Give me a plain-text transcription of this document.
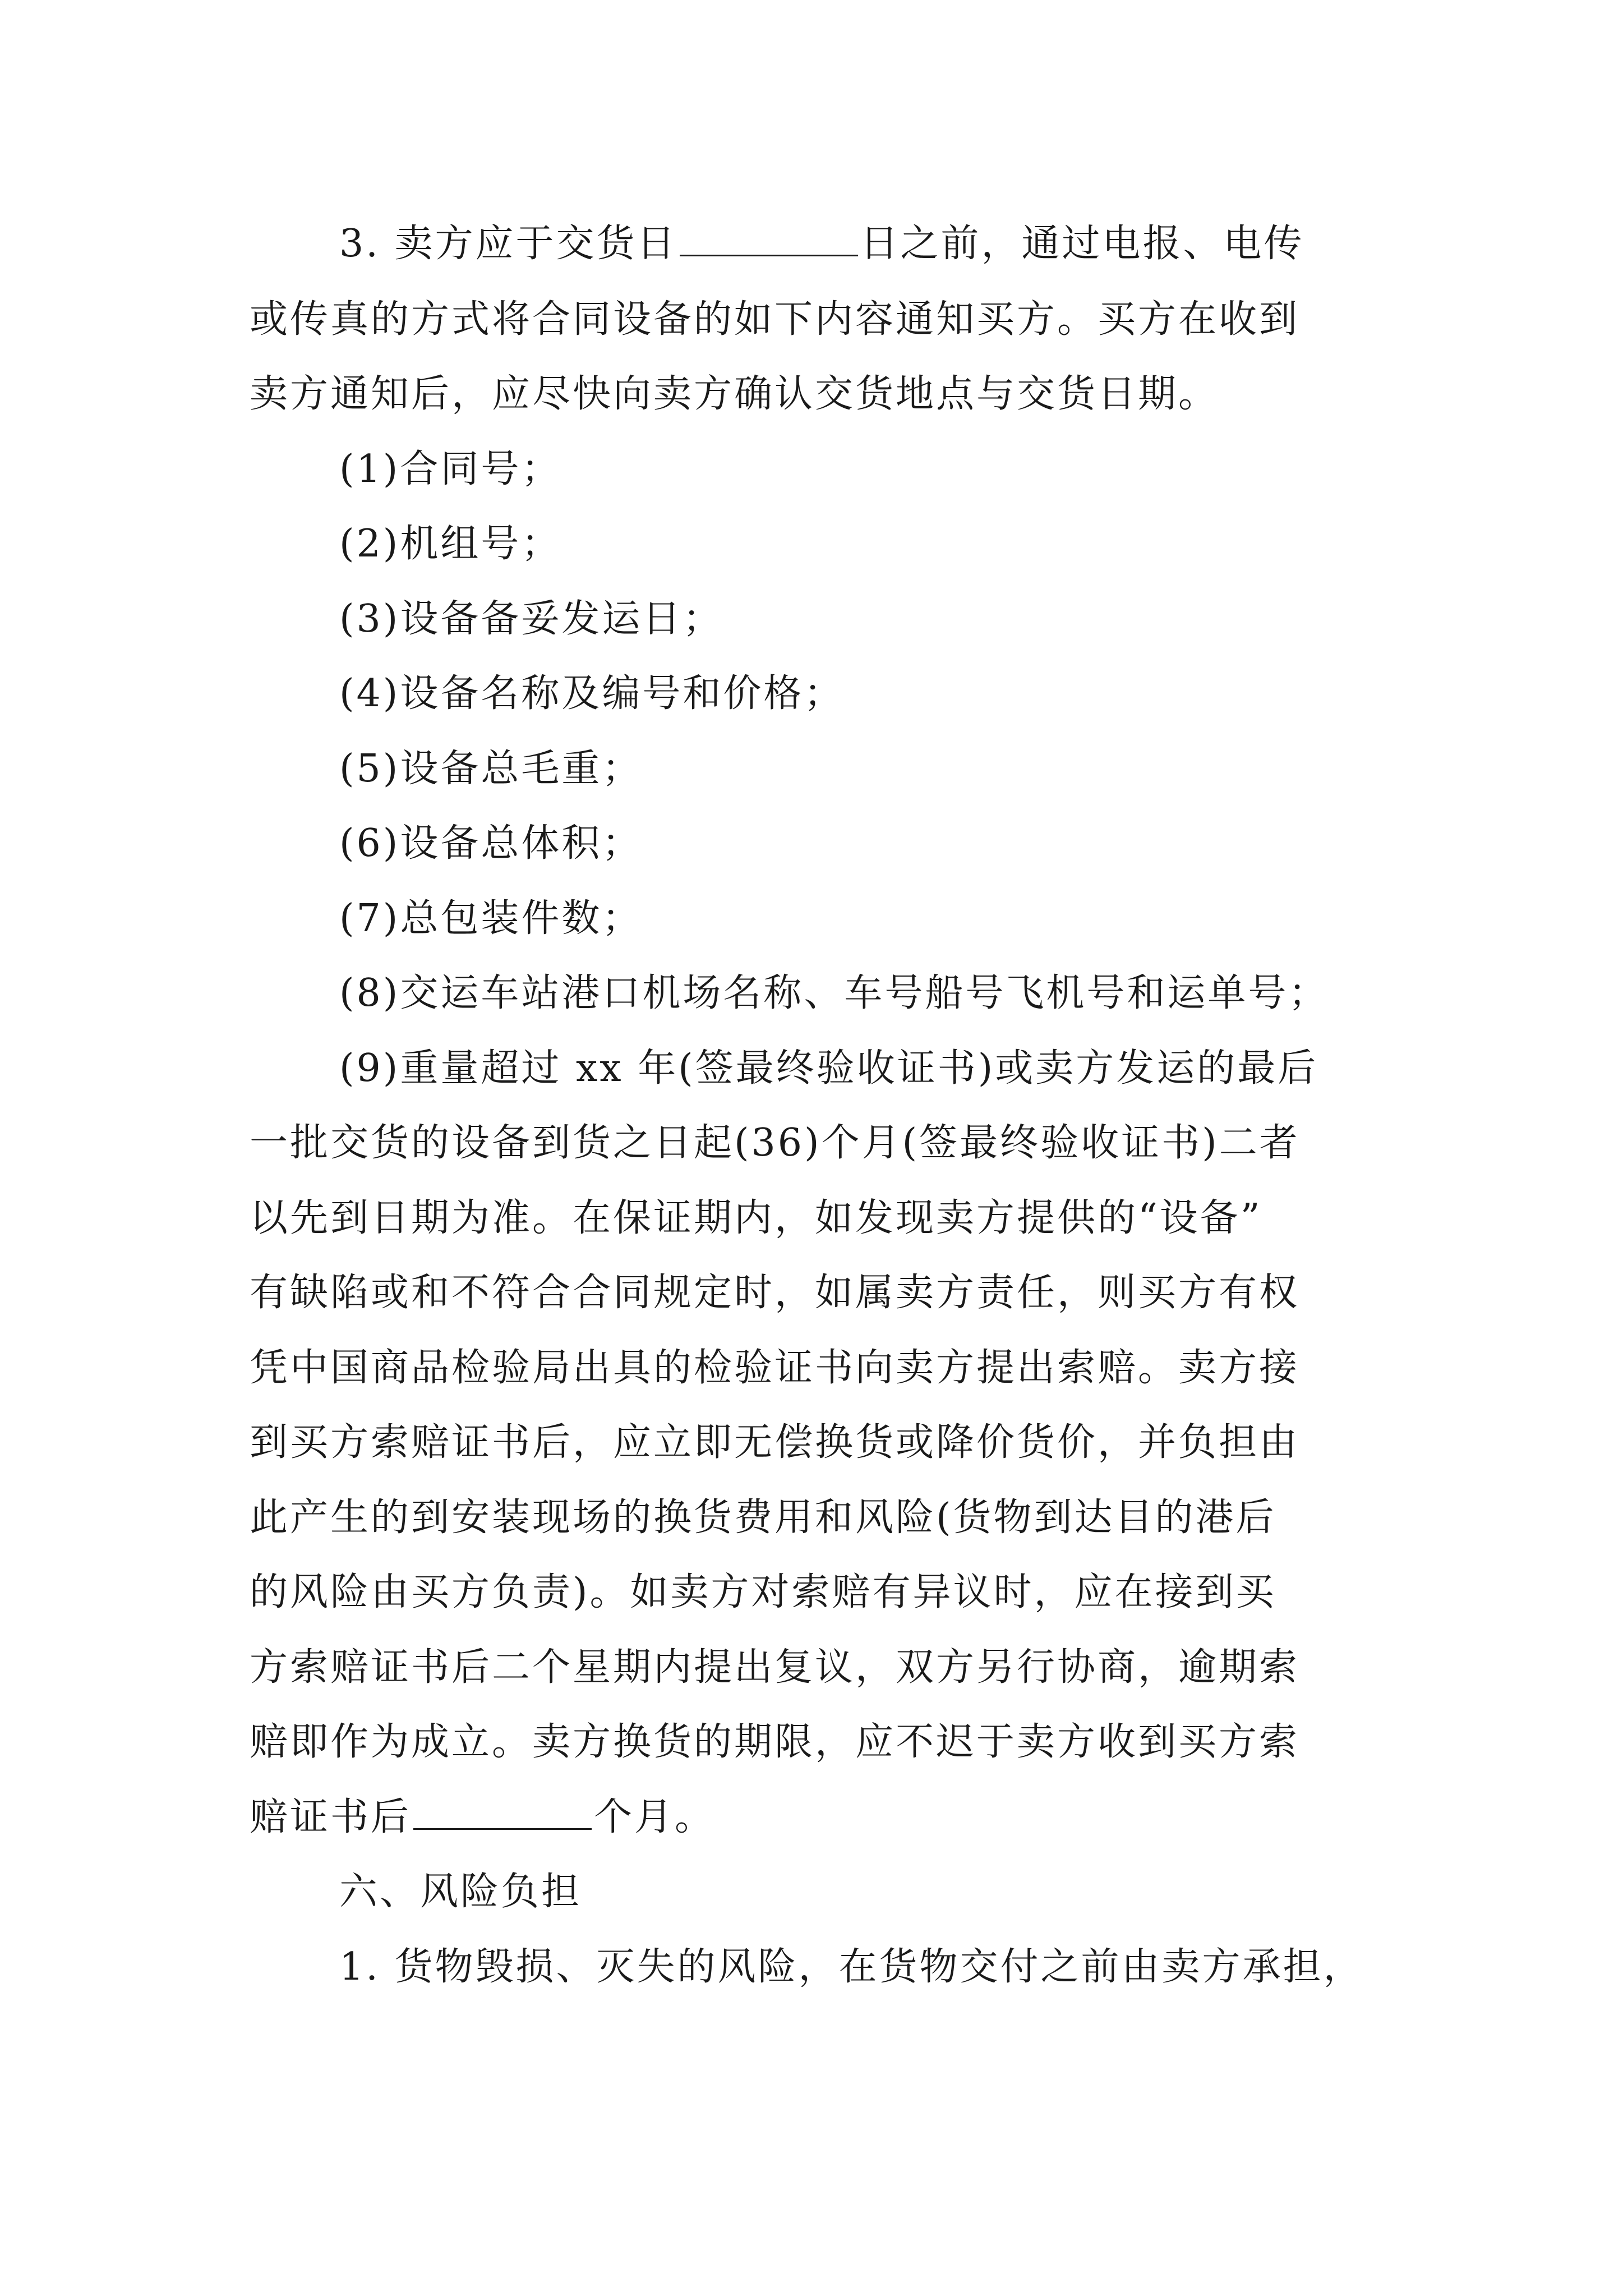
3. 卖方应于交货日	日之前，通过电报、电传
或传真的方式将合同设备的如下内容通知买方。买方在收到
卖方通知后，应尽快向卖方确认交货地点与交货日期。
(1)合同号；
(2)机组号；
(3)设备备妥发运日；
(4)设备名称及编号和价格；
(5)设备总毛重；
(6)设备总体积；
(7)总包装件数；
(8)交运车站港口机场名称、车号船号飞机号和运单号；
(9)重量超过 xx 年(签最终验收证书)或卖方发运的最后
一批交货的设备到货之日起(36)个月(签最终验收证书)二者
以先到日期为准。在保证期内，如发现卖方提供的“设备”
有缺陷或和不符合合同规定时，如属卖方责任，则买方有权
凭中国商品检验局出具的检验证书向卖方提出索赔。卖方接
到买方索赔证书后，应立即无偿换货或降价货价，并负担由
此产生的到安装现场的换货费用和风险(货物到达目的港后
的风险由买方负责)。如卖方对索赔有异议时，应在接到买
方索赔证书后二个星期内提出复议，双方另行协商，逾期索
赔即作为成立。卖方换货的期限，应不迟于卖方收到买方索
赔证书后	个月。
六、风险负担
1. 货物毁损、灭失的风险，在货物交付之前由卖方承担，
